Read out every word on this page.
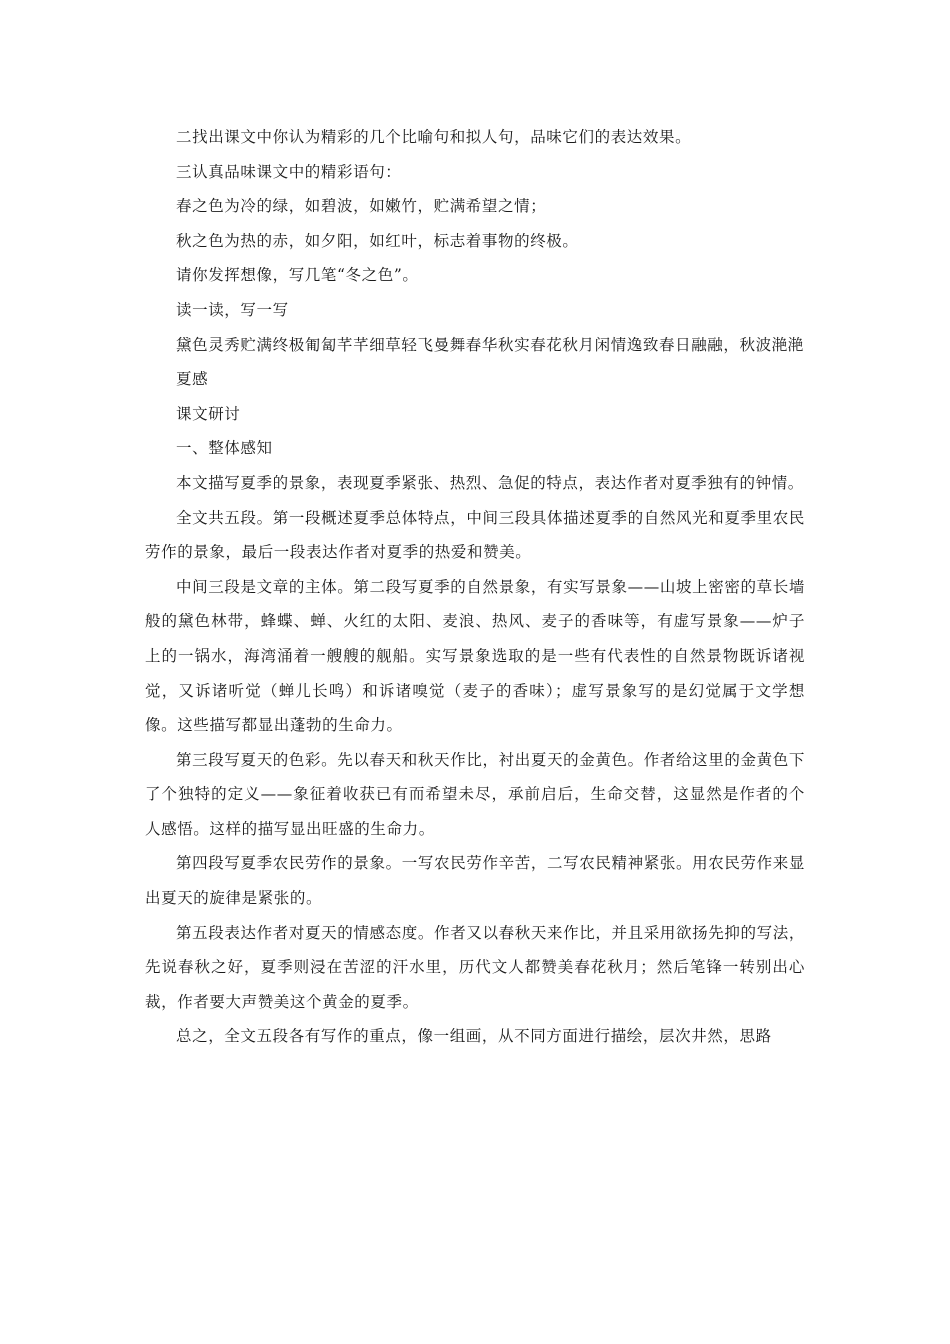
二找出课文中你认为精彩的几个比喻句和拟人句，品味它们的表达效果。

三认真品味课文中的精彩语句：

春之色为冷的绿，如碧波，如嫩竹，贮满希望之情；

秋之色为热的赤，如夕阳，如红叶，标志着事物的终极。

请你发挥想像，写几笔“冬之色”。

读一读，写一写

黛色灵秀贮满终极匍匐芊芊细草轻飞曼舞春华秋实春花秋月闲情逸致春日融融，秋波滟滟

夏感

课文研讨

一、整体感知

本文描写夏季的景象，表现夏季紧张、热烈、急促的特点，表达作者对夏季独有的钟情。

全文共五段。第一段概述夏季总体特点，中间三段具体描述夏季的自然风光和夏季里农民劳作的景象，最后一段表达作者对夏季的热爱和赞美。

中间三段是文章的主体。第二段写夏季的自然景象，有实写景象——山坡上密密的草长墙般的黛色林带，蜂蝶、蝉、火红的太阳、麦浪、热风、麦子的香味等，有虚写景象——炉子上的一锅水，海湾涌着一艘艘的舰船。实写景象选取的是一些有代表性的自然景物既诉诸视觉，又诉诸听觉（蝉儿长鸣）和诉诸嗅觉（麦子的香味）；虚写景象写的是幻觉属于文学想像。这些描写都显出蓬勃的生命力。

第三段写夏天的色彩。先以春天和秋天作比，衬出夏天的金黄色。作者给这里的金黄色下了个独特的定义——象征着收获已有而希望未尽，承前启后，生命交替，这显然是作者的个人感悟。这样的描写显出旺盛的生命力。

第四段写夏季农民劳作的景象。一写农民劳作辛苦，二写农民精神紧张。用农民劳作来显出夏天的旋律是紧张的。

第五段表达作者对夏天的情感态度。作者又以春秋天来作比，并且采用欲扬先抑的写法，先说春秋之好，夏季则浸在苦涩的汗水里，历代文人都赞美春花秋月；然后笔锋一转别出心裁，作者要大声赞美这个黄金的夏季。

总之，全文五段各有写作的重点，像一组画，从不同方面进行描绘，层次井然，思路
